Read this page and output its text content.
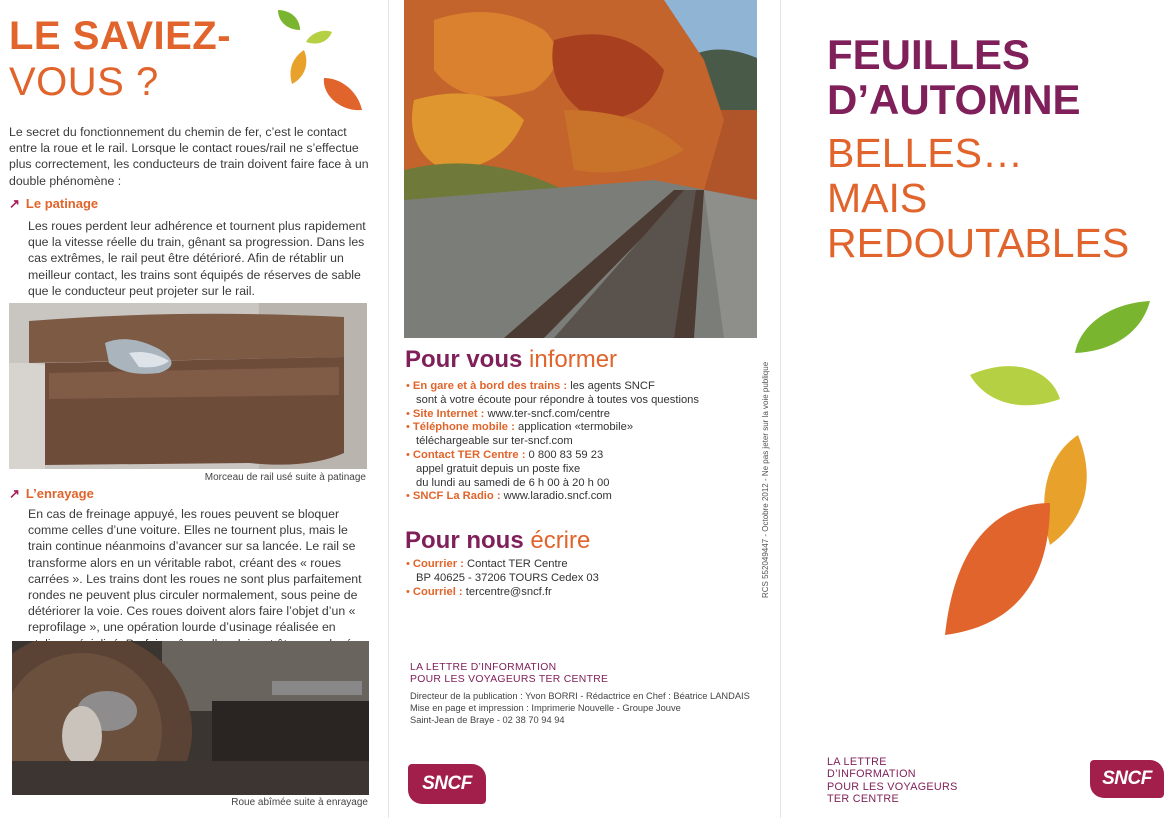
LE SAVIEZ-
VOUS ?
Le secret du fonctionnement du chemin de fer, c’est le contact entre la roue et le rail. Lorsque le contact roues/rail ne s’effectue plus correctement, les conducteurs de train doivent faire face à un double phénomène :
↗ Le patinage
Les roues perdent leur adhérence et tournent plus rapidement que la vitesse réelle du train, gênant sa progression. Dans les cas extrêmes, le rail peut être détérioré. Afin de rétablir un meilleur contact, les trains sont équipés de réserves de sable que le conducteur peut projeter sur le rail.
Morceau de rail usé suite à patinage
↗ L’enrayage
En cas de freinage appuyé, les roues peuvent se bloquer comme celles d’une voiture. Elles ne tournent plus, mais le train continue néanmoins d’avancer sur sa lancée. Le rail se transforme alors en un véritable rabot, créant des « roues carrées ». Les trains dont les roues ne sont plus parfaitement rondes ne peuvent plus circuler normalement, sous peine de détériorer la voie. Ces roues doivent alors faire l’objet d’un « reprofilage », une opération lourde d’usinage réalisée en
Roue abîmée suite à enrayage
Pour vous informer
• En gare et à bord des trains : les agents SNCF
sont à votre écoute pour répondre à toutes vos questions
• Site Internet : www.ter-sncf.com/centre
• Téléphone mobile : application «termobile»
téléchargeable sur ter-sncf.com
• Contact TER Centre : 0 800 83 59 23
appel gratuit depuis un poste fixe
du lundi au samedi de 6 h 00 à 20 h 00
• SNCF La Radio : www.laradio.sncf.com
Pour nous écrire
• Courrier : Contact TER Centre
BP 40625 - 37206 TOURS Cedex 03
• Courriel : tercentre@sncf.fr	RCS 552049447 - Octobre 2012 - Ne pas jeter sur la voie publique
LA LETTRE D’INFORMATION
POUR LES VOYAGEURS TER CENTRE
Directeur de la publication : Yvon BORRI - Rédactrice en Chef : Béatrice LANDAIS
Mise en page et impression : Imprimerie Nouvelle - Groupe Jouve
Saint-Jean de Braye - 02 38 70 94 94
SNCF
FEUILLES
D’AUTOMNE
BELLES…
MAIS
REDOUTABLES
LA LETTRE
D’INFORMATION
POUR LES VOYAGEURS
TER CENTRE
SNCF
